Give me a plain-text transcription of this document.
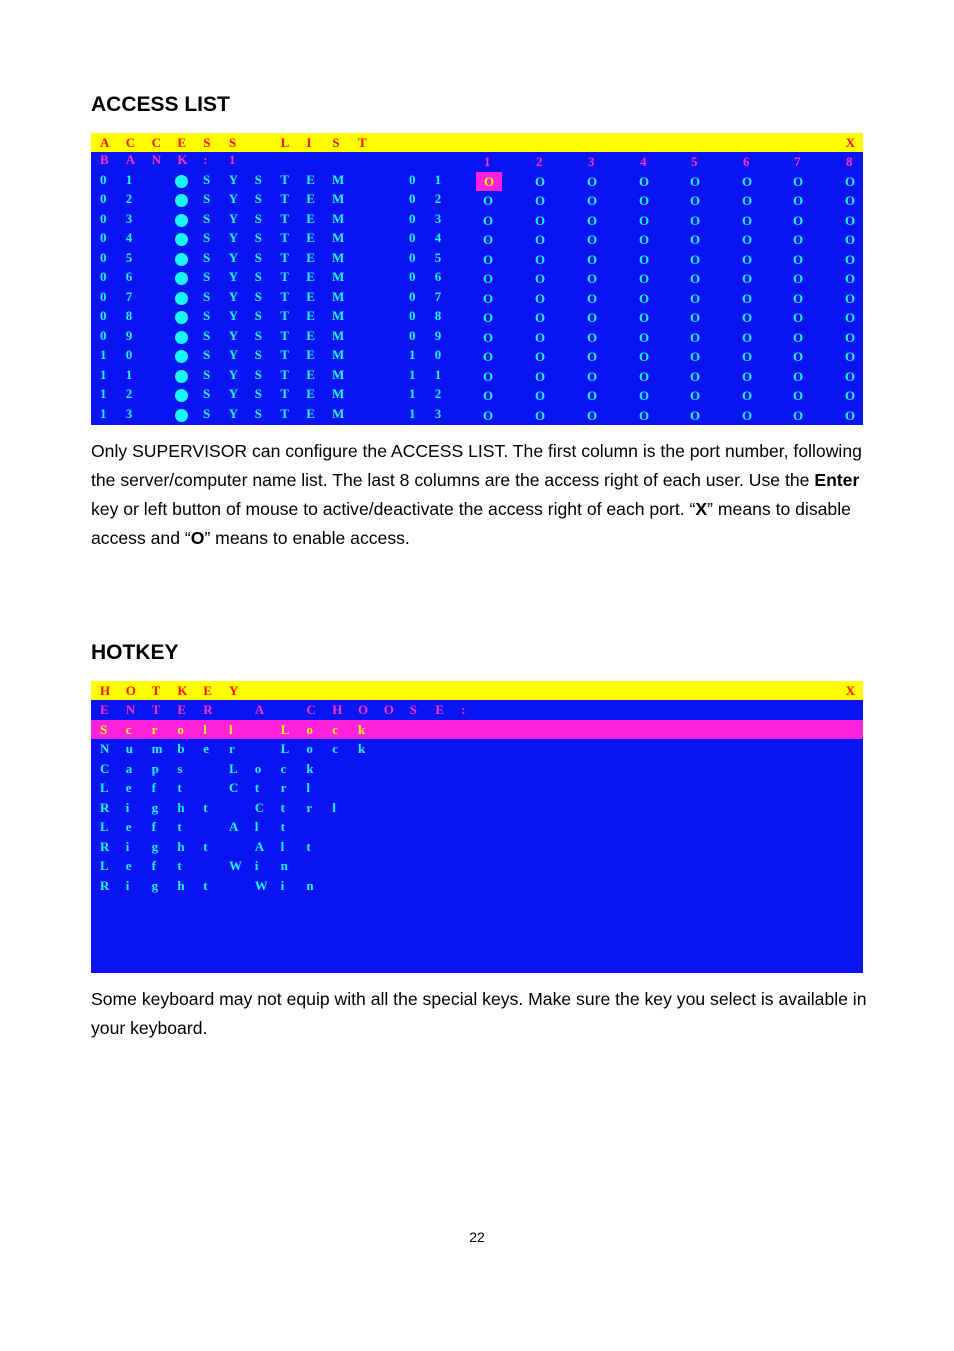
ACCESS LIST
A	C	C	E	S	S	L	I	S	T	X
B	A	N	K	:	1	1	2	3	4	5	6	7	8
0	1	S	Y	S	T	E	M	0	1	O	O	O	O	O	O	O	O
0	2	S	Y	S	T	E	M	0	2	O	O	O	O	O	O	O	O
0	3	S	Y	S	T	E	M	0	3	O	O	O	O	O	O	O	O
0	4	S	Y	S	T	E	M	0	4	O	O	O	O	O	O	O	O
0	5	S	Y	S	T	E	M	0	5	O	O	O	O	O	O	O	O
0	6	S	Y	S	T	E	M	0	6	O	O	O	O	O	O	O	O
0	7	S	Y	S	T	E	M	0	7	O	O	O	O	O	O	O	O
0	8	S	Y	S	T	E	M	0	8	O	O	O	O	O	O	O	O
0	9	S	Y	S	T	E	M	0	9	O	O	O	O	O	O	O	O
1	0	S	Y	S	T	E	M	1	0	O	O	O	O	O	O	O	O
1	1	S	Y	S	T	E	M	1	1	O	O	O	O	O	O	O	O
1	2	S	Y	S	T	E	M	1	2	O	O	O	O	O	O	O	O
1	3	S	Y	S	T	E	M	1	3	O	O	O	O	O	O	O	O

Only SUPERVISOR can configure the ACCESS LIST. The first column is the port number, following the server/computer name list. The last 8 columns are the access right of each user. Use the Enter key or left button of mouse to active/deactivate the access right of each port. “X” means to disable access and “O” means to enable access.

HOTKEY
H	O	T	K	E	Y	X
E	N	T	E	R	A	C	H	O	O	S	E	:
S	c	r	o	l	l	L	o	c	k
N	u	m	b	e	r	L	o	c	k
C	a	p	s	L	o	c	k
L	e	f	t	C	t	r	l
R	i	g	h	t	C	t	r	l
L	e	f	t	A	l	t
R	i	g	h	t	A	l	t
L	e	f	t	W i	n
R	i	g	h	t	W i	n

Some keyboard may not equip with all the special keys. Make sure the key you select is available in your keyboard.

22
